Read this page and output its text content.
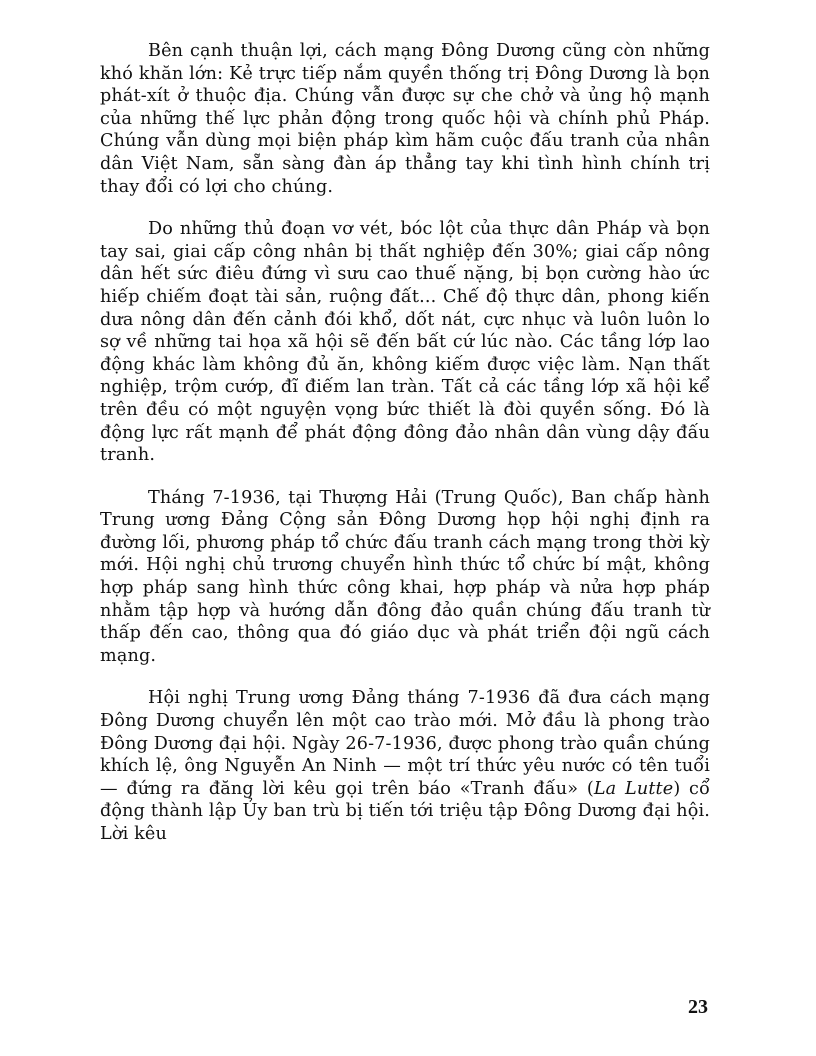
Bên cạnh thuận lợi, cách mạng Đông Dương cũng còn những khó khăn lớn: Kẻ trực tiếp nắm quyền thống trị Đông Dương là bọn phát-xít ở thuộc địa. Chúng vẫn được sự che chở và ủng hộ mạnh của những thế lực phản động trong quốc hội và chính phủ Pháp. Chúng vẫn dùng mọi biện pháp kìm hãm cuộc đấu tranh của nhân dân Việt Nam, sẵn sàng đàn áp thẳng tay khi tình hình chính trị thay đổi có lợi cho chúng.

Do những thủ đoạn vơ vét, bóc lột của thực dân Pháp và bọn tay sai, giai cấp công nhân bị thất nghiệp đến 30%; giai cấp nông dân hết sức điêu đứng vì sưu cao thuế nặng, bị bọn cường hào ức hiếp chiếm đoạt tài sản, ruộng đất... Chế độ thực dân, phong kiến dưa nông dân đến cảnh đói khổ, dốt nát, cực nhục và luôn luôn lo sợ về những tai họa xã hội sẽ đến bất cứ lúc nào. Các tầng lớp lao động khác làm không đủ ăn, không kiếm được việc làm. Nạn thất nghiệp, trộm cướp, đĩ điếm lan tràn. Tất cả các tầng lớp xã hội kể trên đều có một nguyện vọng bức thiết là đòi quyền sống. Đó là động lực rất mạnh để phát động đông đảo nhân dân vùng dậy đấu tranh.

Tháng 7-1936, tại Thượng Hải (Trung Quốc), Ban chấp hành Trung ương Đảng Cộng sản Đông Dương họp hội nghị định ra đường lối, phương pháp tổ chức đấu tranh cách mạng trong thời kỳ mới. Hội nghị chủ trương chuyển hình thức tổ chức bí mật, không hợp pháp sang hình thức công khai, hợp pháp và nửa hợp pháp nhằm tập hợp và hướng dẫn đông đảo quần chúng đấu tranh từ thấp đến cao, thông qua đó giáo dục và phát triển đội ngũ cách mạng.

Hội nghị Trung ương Đảng tháng 7-1936 đã đưa cách mạng Đông Dương chuyển lên một cao trào mới. Mở đầu là phong trào Đông Dương đại hội. Ngày 26-7-1936, được phong trào quần chúng khích lệ, ông Nguyễn An Ninh — một trí thức yêu nước có tên tuổi — đứng ra đăng lời kêu gọi trên báo «Tranh đấu» (La Lutte) cổ động thành lập Ủy ban trù bị tiến tới triệu tập Đông Dương đại hội. Lời kêu

23
